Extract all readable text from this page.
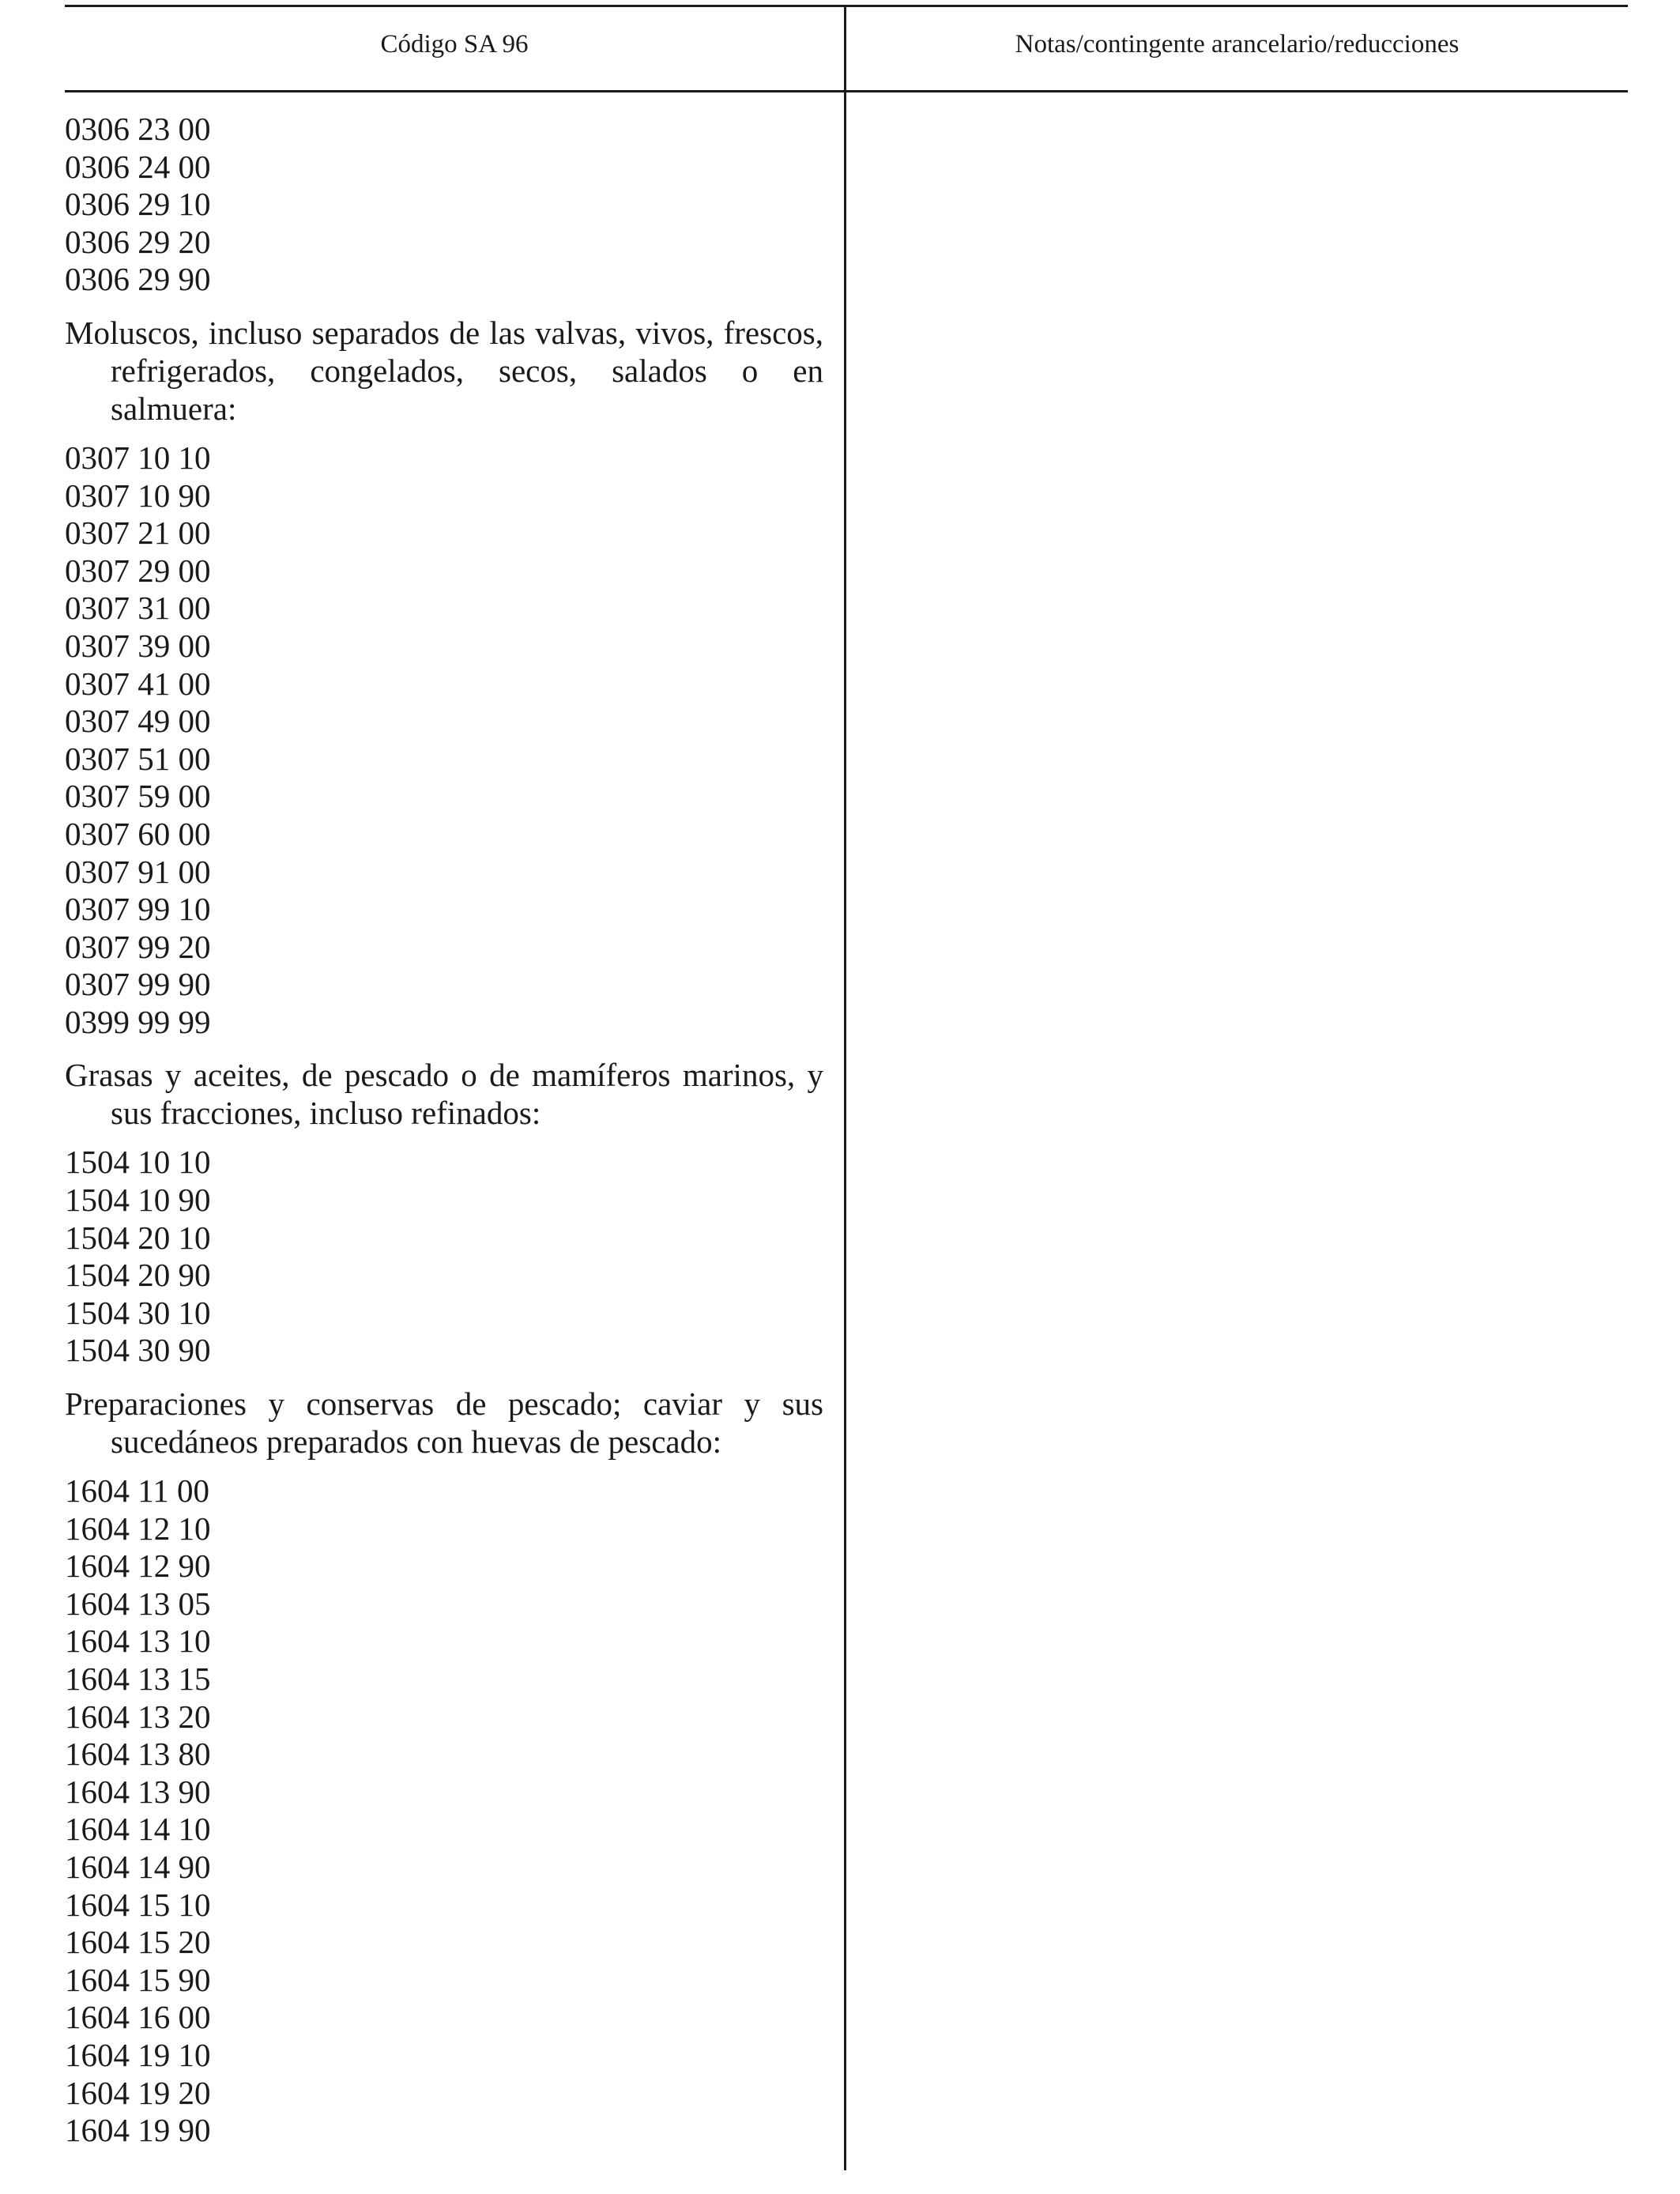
Código SA 96	Notas/contingente arancelario/reducciones
0306 23 00
0306 24 00
0306 29 10
0306 29 20
0306 29 90
Moluscos, incluso separados de las valvas, vivos, frescos, refrigerados, congelados, secos, salados o en salmuera:
0307 10 10
0307 10 90
0307 21 00
0307 29 00
0307 31 00
0307 39 00
0307 41 00
0307 49 00
0307 51 00
0307 59 00
0307 60 00
0307 91 00
0307 99 10
0307 99 20
0307 99 90
0399 99 99
Grasas y aceites, de pescado o de mamíferos marinos, y sus fracciones, incluso refinados:
1504 10 10
1504 10 90
1504 20 10
1504 20 90
1504 30 10
1504 30 90
Preparaciones y conservas de pescado; caviar y sus sucedáneos preparados con huevas de pescado:
1604 11 00
1604 12 10
1604 12 90
1604 13 05
1604 13 10
1604 13 15
1604 13 20
1604 13 80
1604 13 90
1604 14 10
1604 14 90
1604 15 10
1604 15 20
1604 15 90
1604 16 00
1604 19 10
1604 19 20
1604 19 90
